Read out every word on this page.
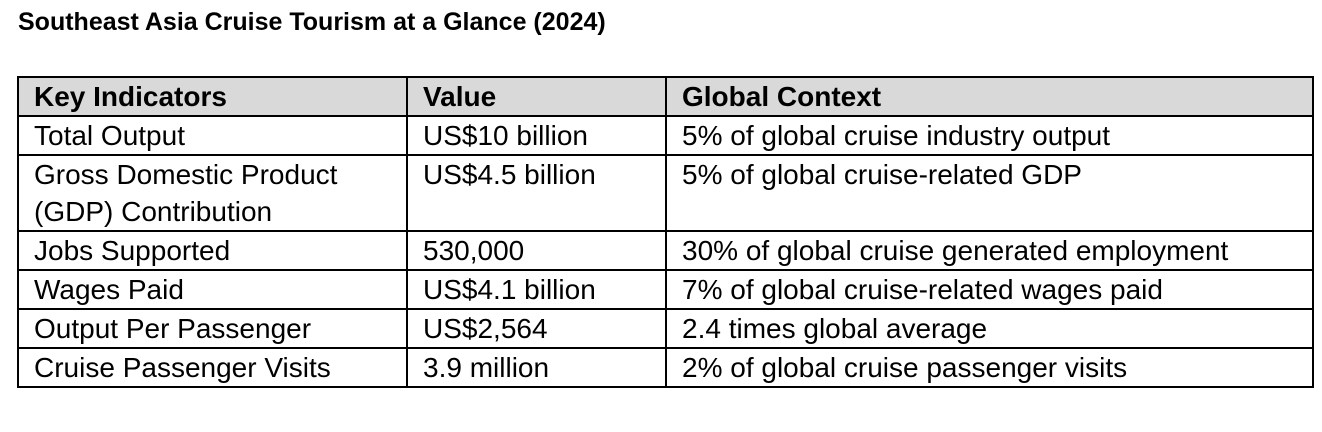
Southeast Asia Cruise Tourism at a Glance (2024)
Key Indicators	Value	Global Context
Total Output	US$10 billion	5% of global cruise industry output
Gross Domestic Product (GDP) Contribution	US$4.5 billion	5% of global cruise-related GDP
Jobs Supported	530,000	30% of global cruise generated employment
Wages Paid	US$4.1 billion	7% of global cruise-related wages paid
Output Per Passenger	US$2,564	2.4 times global average
Cruise Passenger Visits	3.9 million	2% of global cruise passenger visits
